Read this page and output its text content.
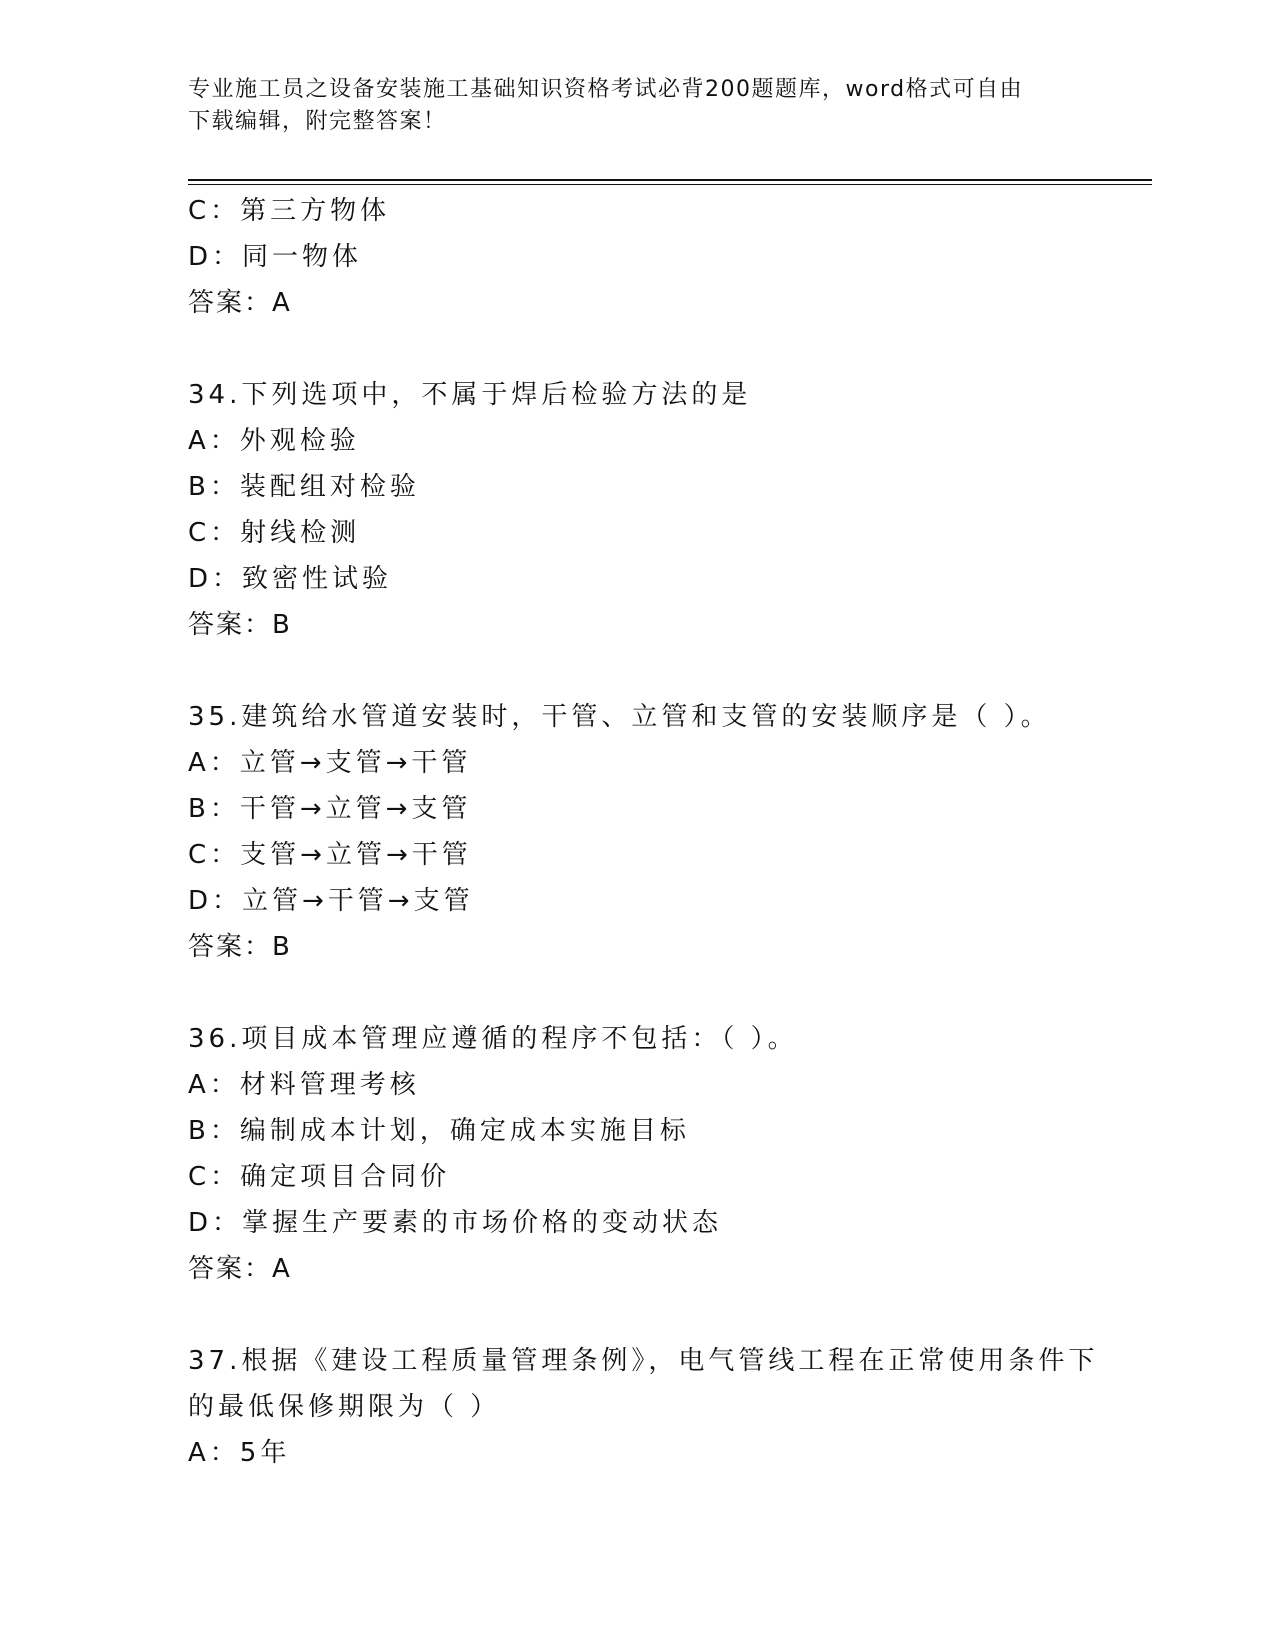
专业施工员之设备安装施工基础知识资格考试必背200题题库，word格式可自由
下载编辑，附完整答案！
C：第三方物体
D：同一物体
答案：A
34.下列选项中，不属于焊后检验方法的是
A：外观检验
B：装配组对检验
C：射线检测
D：致密性试验
答案：B
35.建筑给水管道安装时，干管、立管和支管的安装顺序是（ ）。
A：立管→支管→干管
B：干管→立管→支管
C：支管→立管→干管
D：立管→干管→支管
答案：B
36.项目成本管理应遵循的程序不包括：（ ）。
A：材料管理考核
B：编制成本计划，确定成本实施目标
C：确定项目合同价
D：掌握生产要素的市场价格的变动状态
答案：A
37.根据《建设工程质量管理条例》，电气管线工程在正常使用条件下
的最低保修期限为（ ）
A：5年
